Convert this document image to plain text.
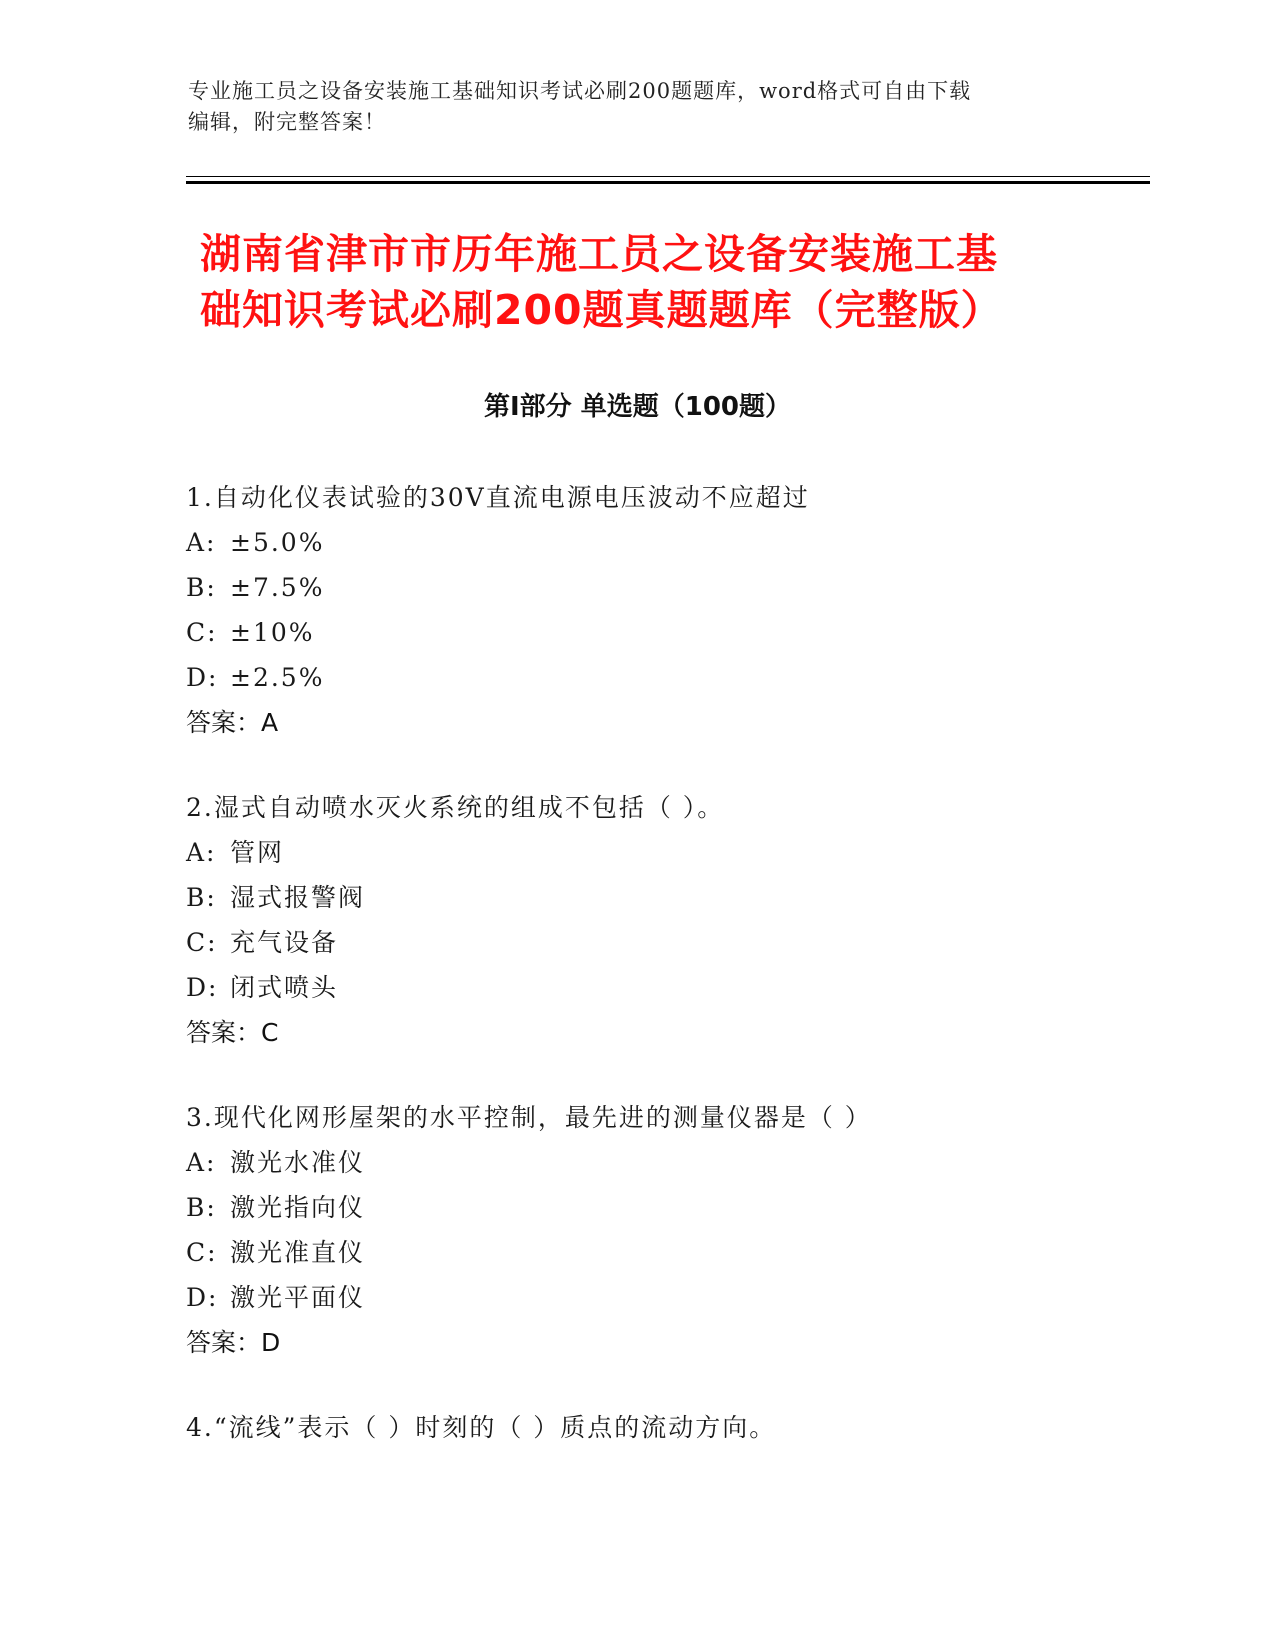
专业施工员之设备安装施工基础知识考试必刷200题题库，word格式可自由下载
编辑，附完整答案！
湖南省津市市历年施工员之设备安装施工基
础知识考试必刷200题真题题库（完整版）
第Ⅰ部分 单选题（100题）
1.自动化仪表试验的30V直流电源电压波动不应超过
A: ±5.0%
B: ±7.5%
C: ±10%
D: ±2.5%
答案：A
2.湿式自动喷水灭火系统的组成不包括（ ）。
A: 管网
B: 湿式报警阀
C: 充气设备
D: 闭式喷头
答案：C
3.现代化网形屋架的水平控制，最先进的测量仪器是（ ）
A: 激光水准仪
B: 激光指向仪
C: 激光准直仪
D: 激光平面仪
答案：D
4.“流线”表示（ ）时刻的（ ）质点的流动方向。
